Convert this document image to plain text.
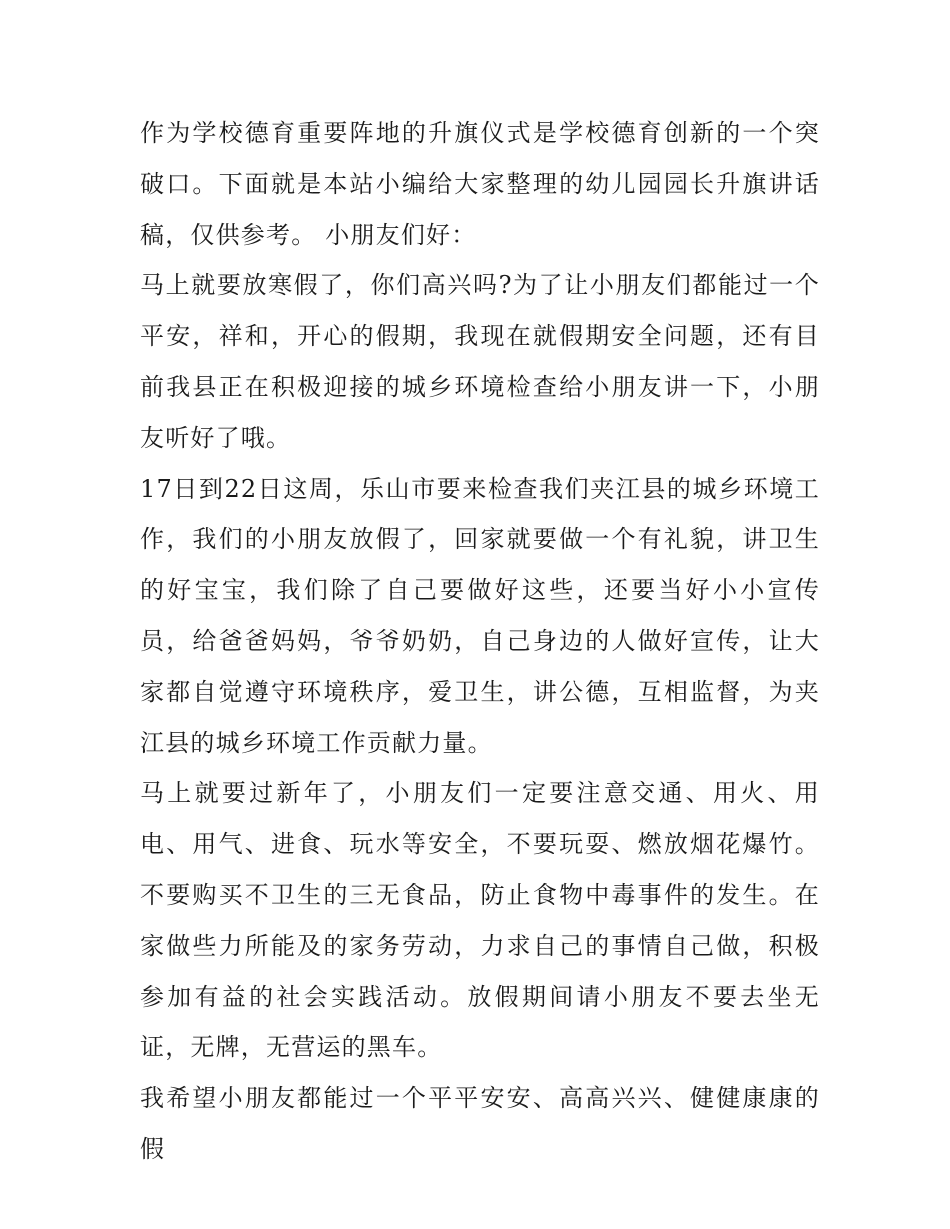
作为学校德育重要阵地的升旗仪式是学校德育创新的一个突破口。下面就是本站小编给大家整理的幼儿园园长升旗讲话稿，仅供参考。 小朋友们好：

马上就要放寒假了，你们高兴吗?为了让小朋友们都能过一个平安，祥和，开心的假期，我现在就假期安全问题，还有目前我县正在积极迎接的城乡环境检查给小朋友讲一下，小朋友听好了哦。

17日到22日这周，乐山市要来检查我们夹江县的城乡环境工作，我们的小朋友放假了，回家就要做一个有礼貌，讲卫生的好宝宝，我们除了自己要做好这些，还要当好小小宣传员，给爸爸妈妈，爷爷奶奶，自己身边的人做好宣传，让大家都自觉遵守环境秩序，爱卫生，讲公德，互相监督，为夹江县的城乡环境工作贡献力量。

马上就要过新年了，小朋友们一定要注意交通、用火、用电、用气、进食、玩水等安全，不要玩耍、燃放烟花爆竹。不要购买不卫生的三无食品，防止食物中毒事件的发生。在家做些力所能及的家务劳动，力求自己的事情自己做，积极参加有益的社会实践活动。放假期间请小朋友不要去坐无证，无牌，无营运的黑车。

我希望小朋友都能过一个平平安安、高高兴兴、健健康康的假
